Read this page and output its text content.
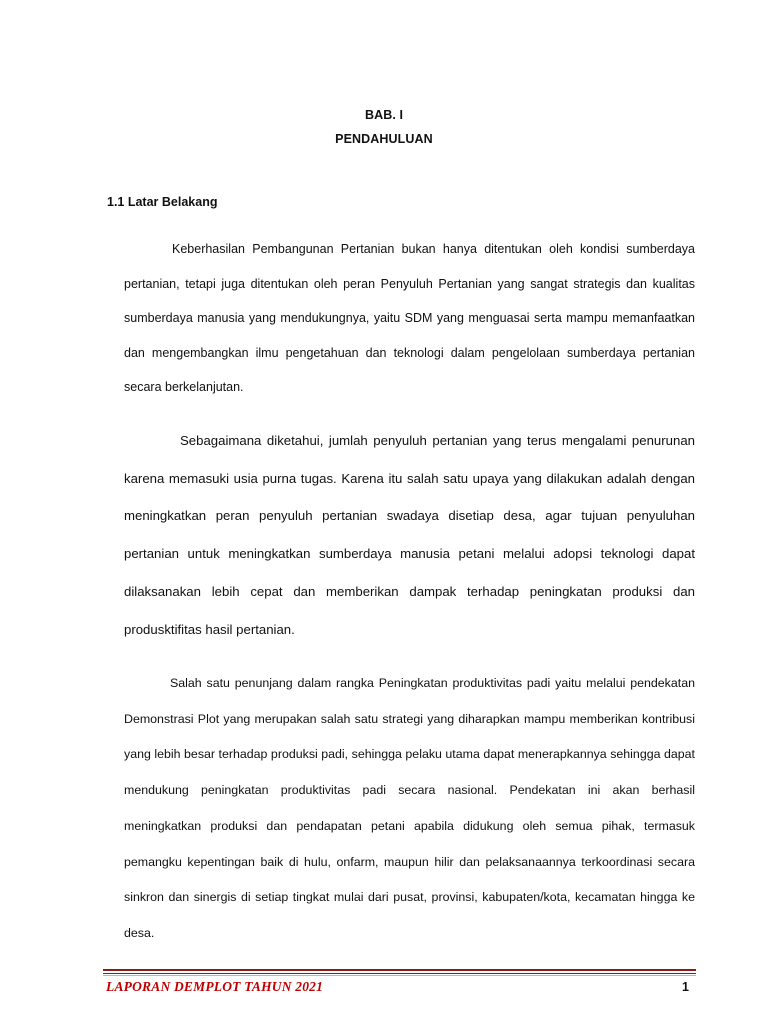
BAB. I
PENDAHULUAN
1.1 Latar Belakang

Keberhasilan Pembangunan Pertanian bukan hanya ditentukan oleh kondisi sumberdaya pertanian, tetapi juga ditentukan oleh peran Penyuluh Pertanian yang sangat strategis dan kualitas sumberdaya manusia yang mendukungnya, yaitu SDM yang menguasai serta mampu memanfaatkan dan mengembangkan ilmu pengetahuan dan teknologi dalam pengelolaan sumberdaya pertanian secara berkelanjutan.

Sebagaimana diketahui, jumlah penyuluh pertanian yang terus mengalami penurunan karena memasuki usia purna tugas. Karena itu salah satu upaya yang dilakukan adalah dengan meningkatkan peran penyuluh pertanian swadaya disetiap desa, agar tujuan penyuluhan pertanian untuk meningkatkan sumberdaya manusia petani melalui adopsi teknologi dapat dilaksanakan lebih cepat dan memberikan dampak terhadap peningkatan produksi dan produsktifitas hasil pertanian.

Salah satu penunjang dalam rangka Peningkatan produktivitas padi yaitu melalui pendekatan Demonstrasi Plot yang merupakan salah satu strategi yang diharapkan mampu memberikan kontribusi yang lebih besar terhadap produksi padi, sehingga pelaku utama dapat menerapkannya sehingga dapat mendukung peningkatan produktivitas padi secara nasional. Pendekatan ini akan berhasil meningkatkan produksi dan pendapatan petani apabila didukung oleh semua pihak, termasuk pemangku kepentingan baik di hulu, onfarm, maupun hilir dan pelaksanaannya terkoordinasi secara sinkron dan sinergis di setiap tingkat mulai dari pusat, provinsi, kabupaten/kota, kecamatan hingga ke desa.

LAPORAN DEMPLOT TAHUN 2021	1
